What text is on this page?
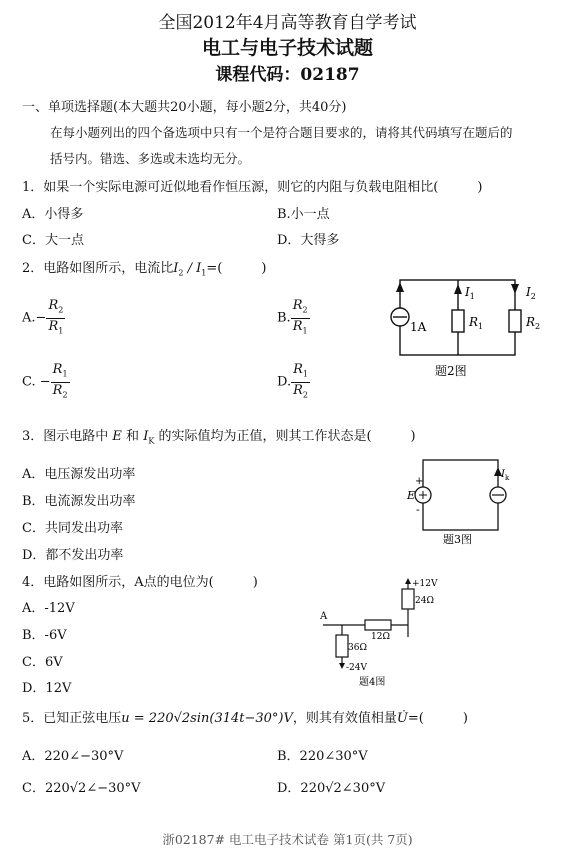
全国2012年4月高等教育自学考试
电工与电子技术试题
课程代码：02187
一、单项选择题(本大题共20小题，每小题2分，共40分)
在每小题列出的四个备选项中只有一个是符合题目要求的，请将其代码填写在题后的
括号内。错选、多选或未选均无分。
1．如果一个实际电源可近似地看作恒压源，则它的内阻与负载电阻相比(　　　)
A．小得多	B.小一点
C．大一点	D．大得多
2．电路如图所示，电流比$I_2 / I_1=$(　　　)
$A.- \frac{R_2}{R_1}$	B. $\frac{R_2}{R_1}$
C. − $\frac{R_1}{R_2}$	D. $\frac{R_1}{R_2}$
1A
$I_1$	$I_2$
$R_1$	$R_2$
题2图
3．图示电路中 E 和 $I_K$ 的实际值均为正值，则其工作状态是(　　　)
A．电压源发出功率
B．电流源发出功率
C．共同发出功率
D．都不发出功率
+
-
E
$I_k$
题3图
4．电路如图所示，A点的电位为(　　　)
A．-12V
B．-6V
C．6V
D．12V
A
+12V
24Ω
12Ω
36Ω
-24V
题4图
5．已知正弦电压u = 220√2sin(314t−30°)V，则其有效值相量U̇=(　　　)
A．220∠−30°V	B．220∠30°V
C．220√2∠−30°V	D．220√2∠30°V
浙02187# 电工电子技术试卷 第1页(共 7页)
